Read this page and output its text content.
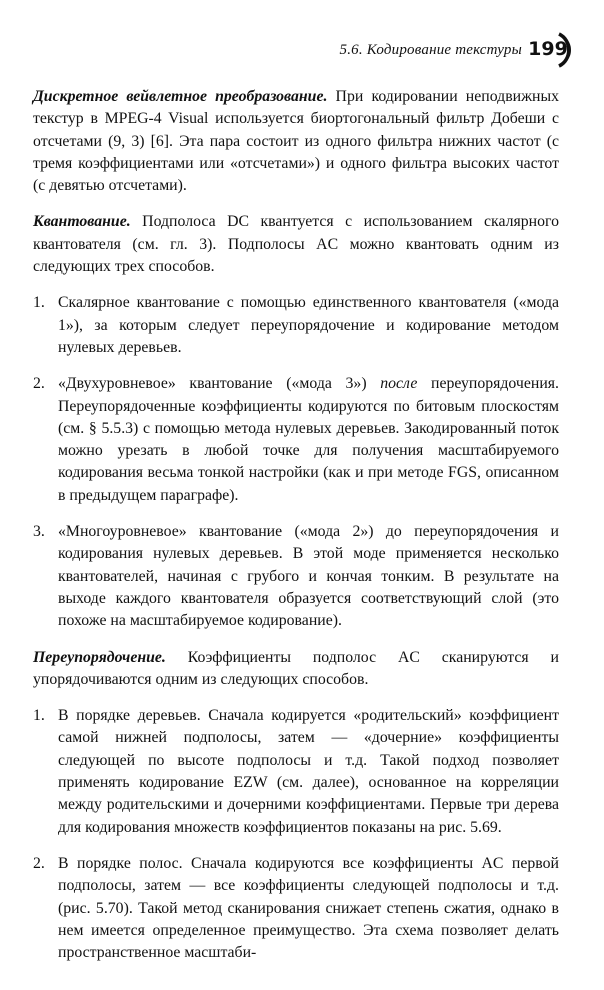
5.6. Кодирование текстуры 199

Дискретное вейвлетное преобразование. При кодировании неподвижных текстур в MPEG-4 Visual используется биортогональный фильтр Добеши с отсчетами (9, 3) [6]. Эта пара состоит из одного фильтра нижних частот (с тремя коэффициентами или «отсчетами») и одного фильтра высоких частот (с девятью отсчетами).

Квантование. Подполоса DC квантуется с использованием скалярного квантователя (см. гл. 3). Подполосы AC можно квантовать одним из следующих трех способов.

1. Скалярное квантование с помощью единственного квантователя («мода 1»), за которым следует переупорядочение и кодирование методом нулевых деревьев.
2. «Двухуровневое» квантование («мода 3») после переупорядочения. Переупорядоченные коэффициенты кодируются по битовым плоскостям (см. § 5.5.3) с помощью метода нулевых деревьев. Закодированный поток можно урезать в любой точке для получения масштабируемого кодирования весьма тонкой настройки (как и при методе FGS, описанном в предыдущем параграфе).
3. «Многоуровневое» квантование («мода 2») до переупорядочения и кодирования нулевых деревьев. В этой моде применяется несколько квантователей, начиная с грубого и кончая тонким. В результате на выходе каждого квантователя образуется соответствующий слой (это похоже на масштабируемое кодирование).

Переупорядочение. Коэффициенты подполос AC сканируются и упорядочиваются одним из следующих способов.

1. В порядке деревьев. Сначала кодируется «родительский» коэффициент самой нижней подполосы, затем — «дочерние» коэффициенты следующей по высоте подполосы и т.д. Такой подход позволяет применять кодирование EZW (см. далее), основанное на корреляции между родительскими и дочерними коэффициентами. Первые три дерева для кодирования множеств коэффициентов показаны на рис. 5.69.
2. В порядке полос. Сначала кодируются все коэффициенты AC первой подполосы, затем — все коэффициенты следующей подполосы и т.д. (рис. 5.70). Такой метод сканирования снижает степень сжатия, однако в нем имеется определенное преимущество. Эта схема позволяет делать пространственное масштаби-
